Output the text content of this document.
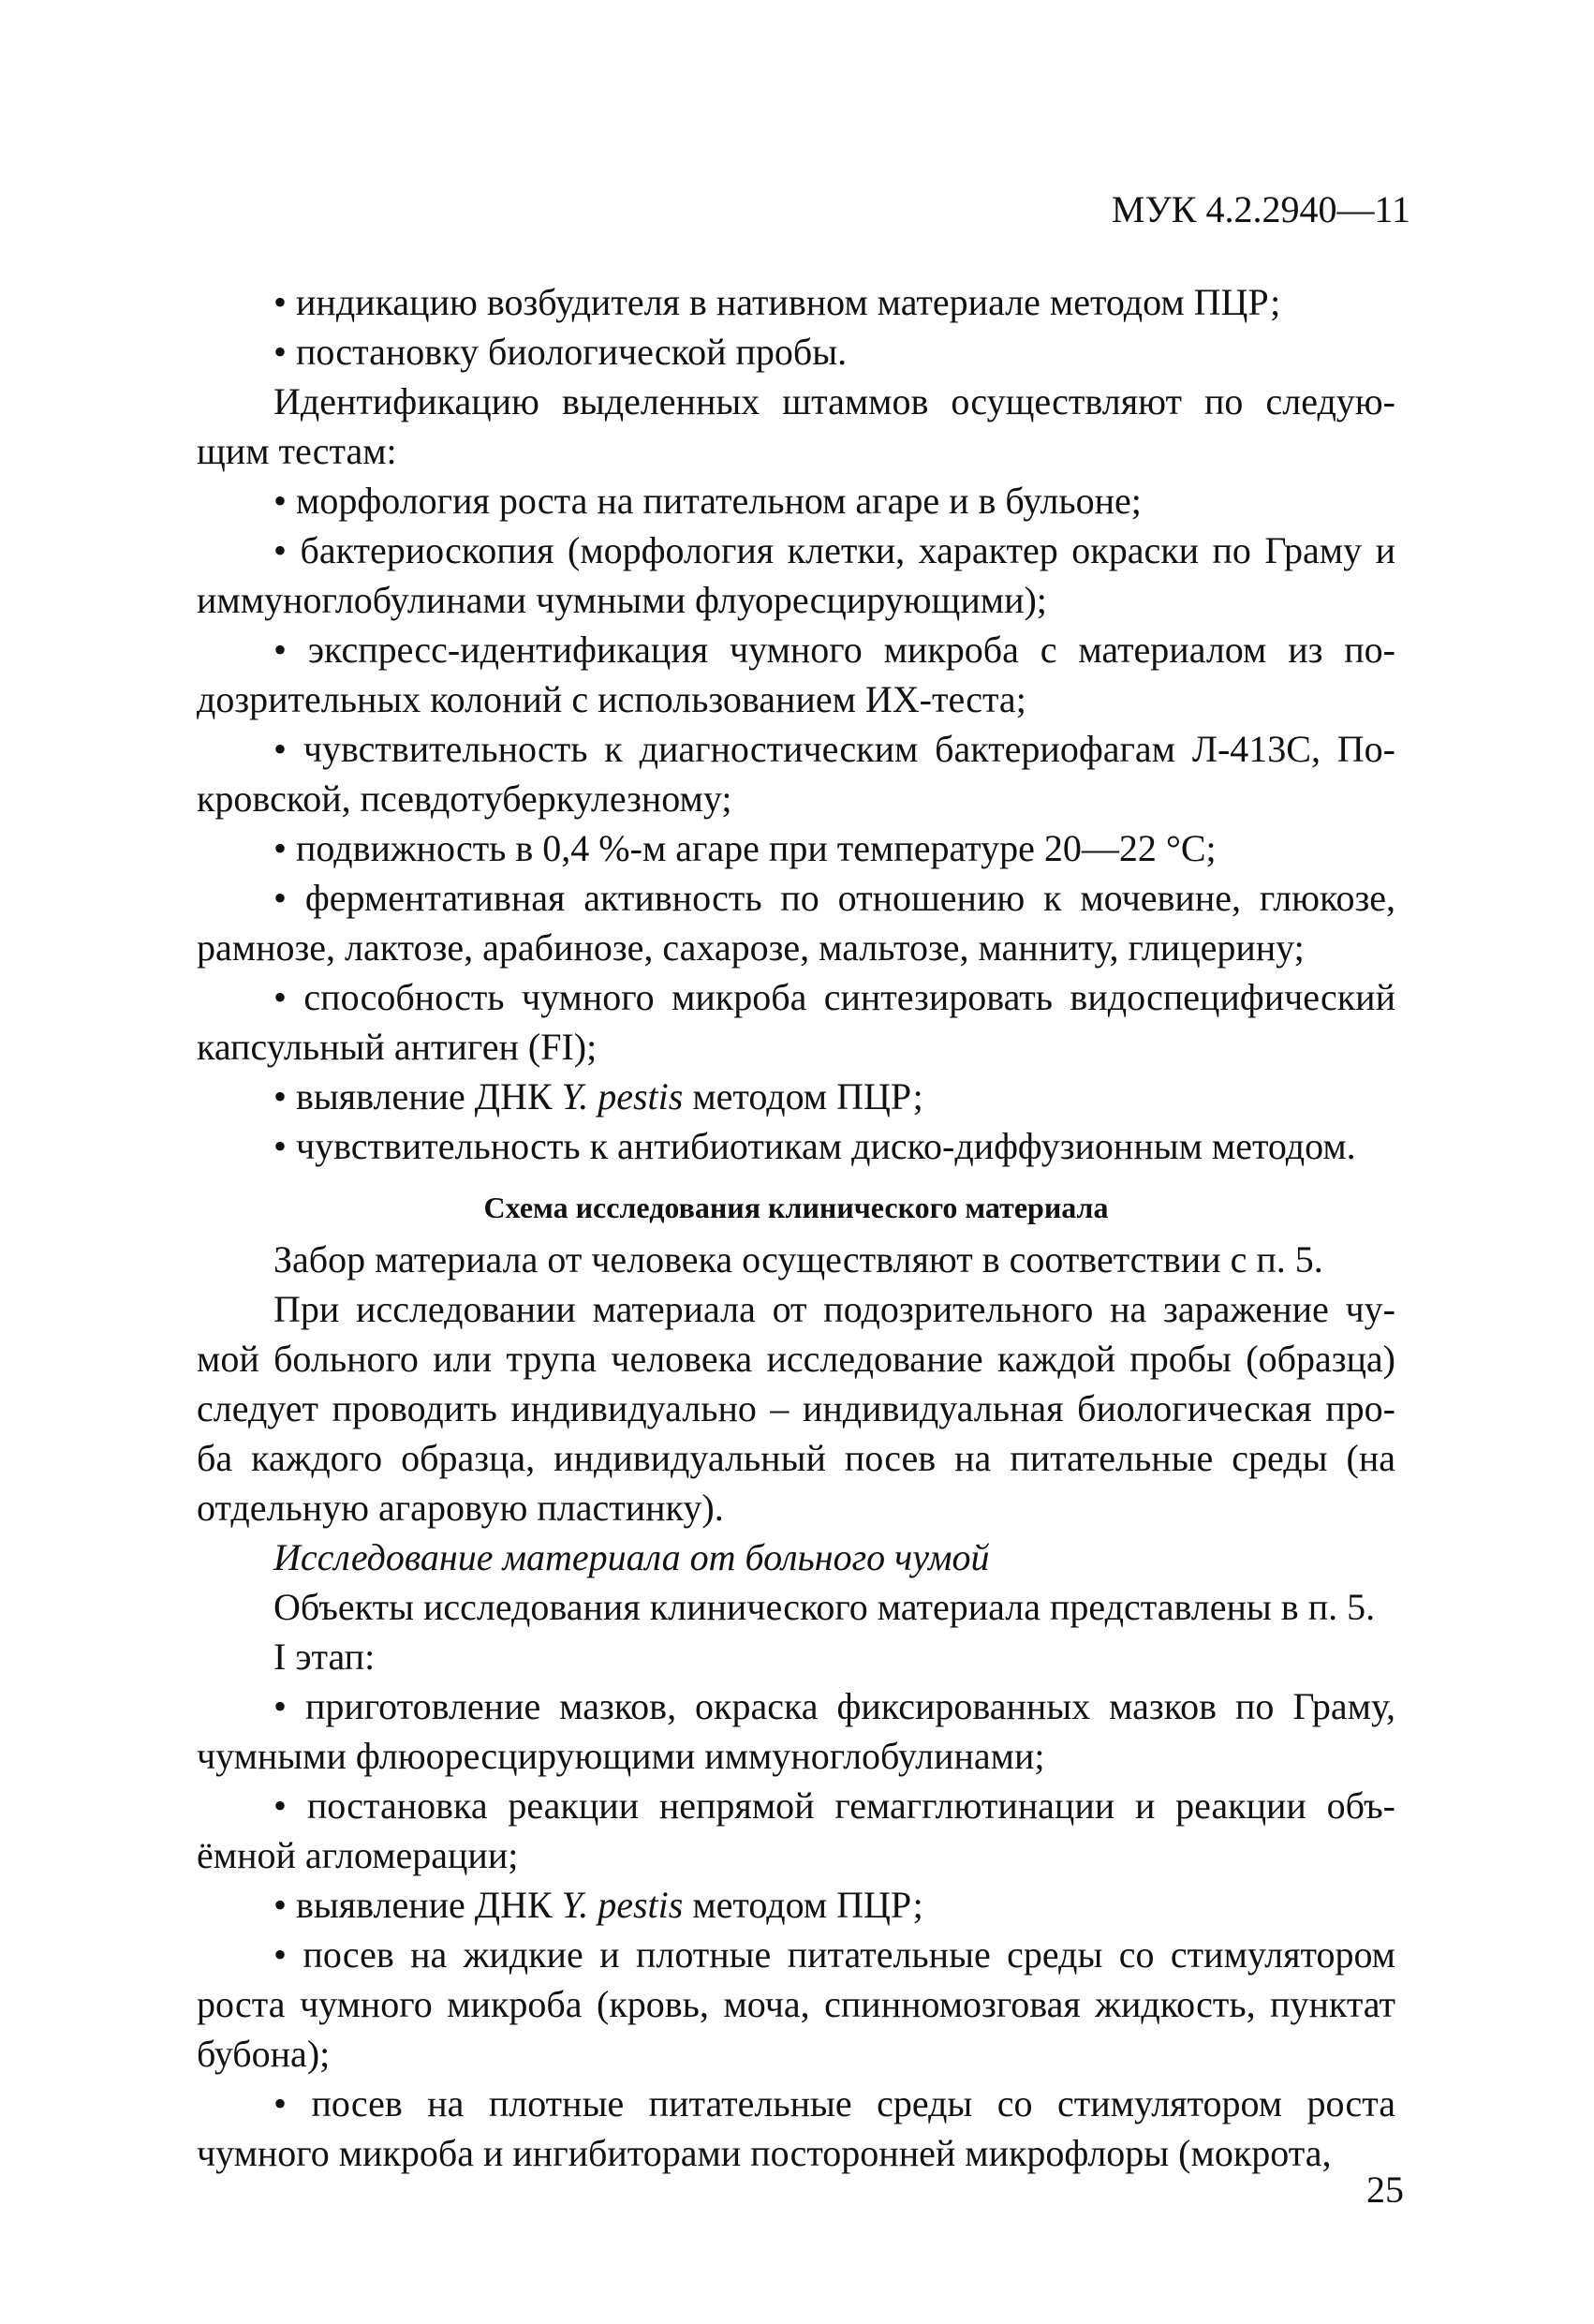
МУК 4.2.2940—11

• индикацию возбудителя в нативном материале методом ПЦР;

• постановку биологической пробы.

Идентификацию выделенных штаммов осуществляют по следую-щим тестам:

• морфология роста на питательном агаре и в бульоне;

• бактериоскопия (морфология клетки, характер окраски по Граму и иммуноглобулинами чумными флуоресцирующими);

• экспресс-идентификация чумного микроба с материалом из по-дозрительных колоний с использованием ИХ-теста;

• чувствительность к диагностическим бактериофагам Л-413С, По-кровской, псевдотуберкулезному;

• подвижность в 0,4 %-м агаре при температуре 20—22 °С;

• ферментативная активность по отношению к мочевине, глюкозе, рамнозе, лактозе, арабинозе, сахарозе, мальтозе, манниту, глицерину;

• способность чумного микроба синтезировать видоспецифический капсульный антиген (FI);

• выявление ДНК Y. pestis методом ПЦР;

• чувствительность к антибиотикам диско-диффузионным методом.

Схема исследования клинического материала

Забор материала от человека осуществляют в соответствии с п. 5.

При исследовании материала от подозрительного на заражение чу-мой больного или трупа человека исследование каждой пробы (образца) следует проводить индивидуально – индивидуальная биологическая про-ба каждого образца, индивидуальный посев на питательные среды (на отдельную агаровую пластинку).

Исследование материала от больного чумой

Объекты исследования клинического материала представлены в п. 5.

I этап:

• приготовление мазков, окраска фиксированных мазков по Граму, чумными флюоресцирующими иммуноглобулинами;

• постановка реакции непрямой гемагглютинации и реакции объ-ёмной агломерации;

• выявление ДНК Y. pestis методом ПЦР;

• посев на жидкие и плотные питательные среды со стимулятором роста чумного микроба (кровь, моча, спинномозговая жидкость, пунктат бубона);

• посев на плотные питательные среды со стимулятором роста чумного микроба и ингибиторами посторонней микрофлоры (мокрота,

25
